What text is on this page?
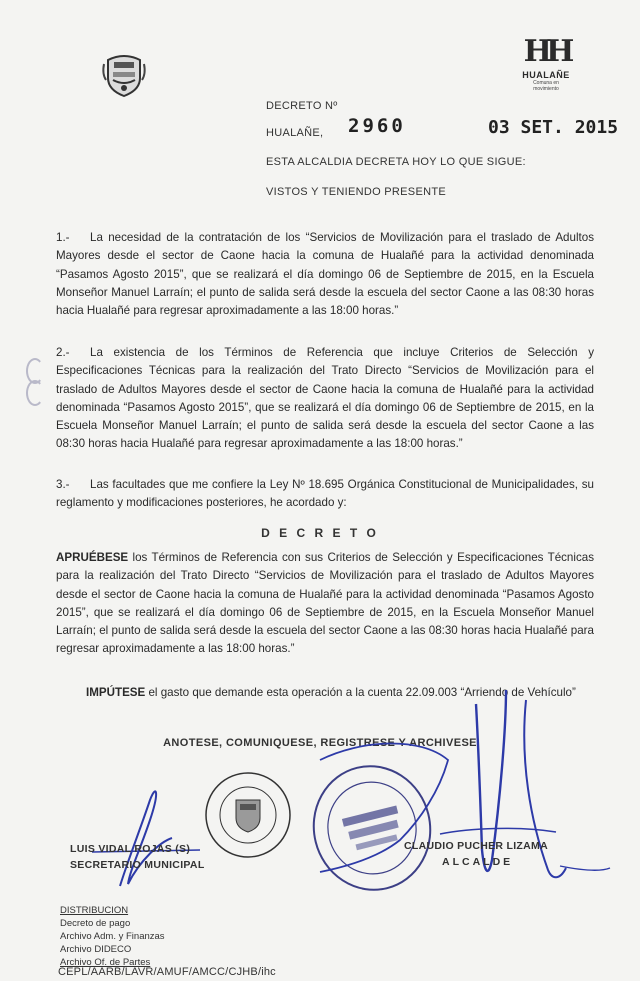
HH
HUALAÑE
Comuna en movimiento
DECRETO Nº
HUALAÑE, 2960	03 SET. 2015
ESTA ALCALDIA DECRETA HOY LO QUE SIGUE:
VISTOS Y TENIENDO PRESENTE
1.- La necesidad de la contratación de los “Servicios de Movilización para el traslado de Adultos Mayores desde el sector de Caone hacia la comuna de Hualañé para la actividad denominada “Pasamos Agosto 2015”, que se realizará el día domingo 06 de Septiembre de 2015, en la Escuela Monseñor Manuel Larraín; el punto de salida será desde la escuela del sector Caone a las 08:30 horas hacia Hualañé para regresar aproximadamente a las 18:00 horas.”
2.- La existencia de los Términos de Referencia que incluye Criterios de Selección y Especificaciones Técnicas para la realización del Trato Directo “Servicios de Movilización para el traslado de Adultos Mayores desde el sector de Caone hacia la comuna de Hualañé para la actividad denominada “Pasamos Agosto 2015”, que se realizará el día domingo 06 de Septiembre de 2015, en la Escuela Monseñor Manuel Larraín; el punto de salida será desde la escuela del sector Caone a las 08:30 horas hacia Hualañé para regresar aproximadamente a las 18:00 horas.”
3.- Las facultades que me confiere la Ley Nº 18.695 Orgánica Constitucional de Municipalidades, su reglamento y modificaciones posteriores, he acordado y:
D E C R E T O
APRUÉBESE los Términos de Referencia con sus Criterios de Selección y Especificaciones Técnicas para la realización del Trato Directo “Servicios de Movilización para el traslado de Adultos Mayores desde el sector de Caone hacia la comuna de Hualañé para la actividad denominada “Pasamos Agosto 2015”, que se realizará el día domingo 06 de Septiembre de 2015, en la Escuela Monseñor Manuel Larraín; el punto de salida será desde la escuela del sector Caone a las 08:30 horas hacia Hualañé para regresar aproximadamente a las 18:00 horas.”
IMPÚTESE el gasto que demande esta operación a la cuenta 22.09.003 “Arriendo de Vehículo”
ANOTESE, COMUNIQUESE, REGISTRESE Y ARCHIVESE
LUIS VIDAL ROJAS (S)
SECRETARIO MUNICIPAL
CLAUDIO PUCHER LIZAMA
ALCALDE
DISTRIBUCION
Decreto de pago
Archivo Adm. y Finanzas
Archivo DIDECO
Archivo Of. de Partes
CEPL/AARB/LAVR/AMUF/AMCC/CJHB/ihc
